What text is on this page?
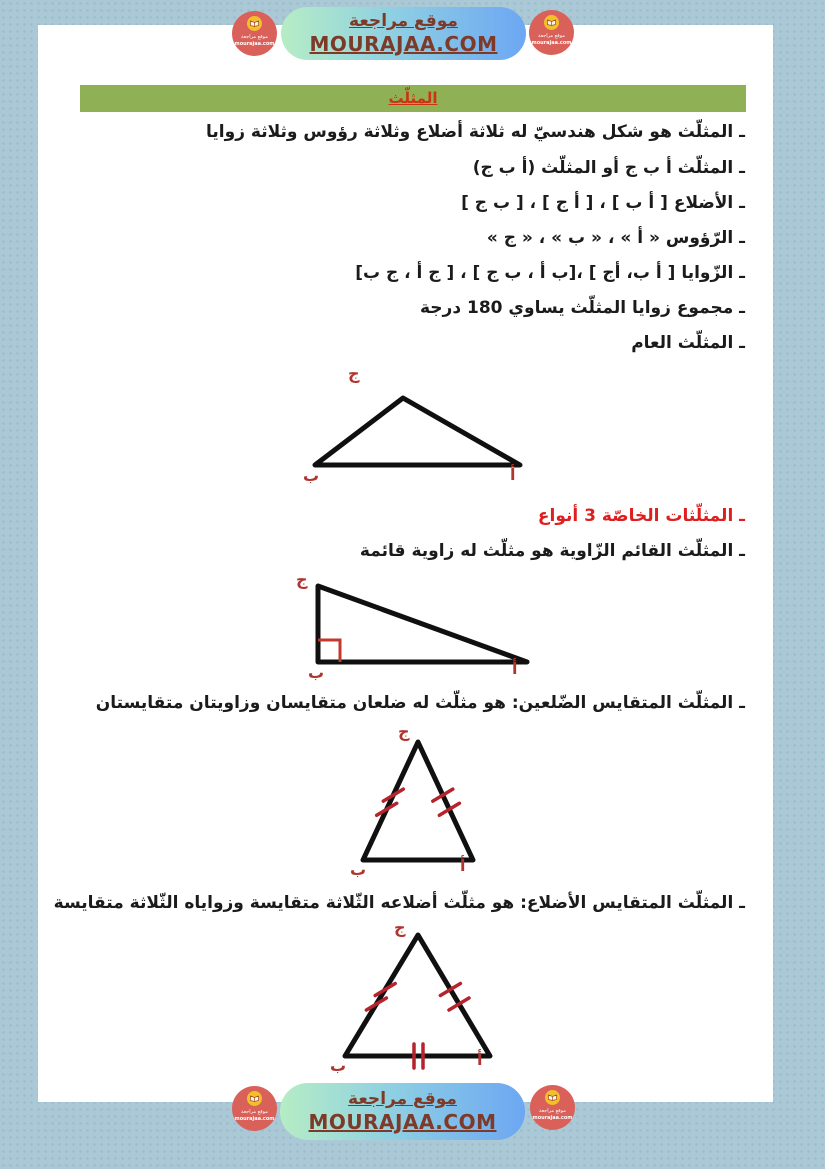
موقع مراجعة
mourajaa.com
موقع مراجعة
MOURAJAA.COM	موقع مراجعة
mourajaa.com
المثلّث
ـ المثلّث هو شكل هندسيّ له ثلاثة أضلاع وثلاثة رؤوس وثلاثة زوايا
ـ المثلّث أ ب ج أو المثلّث (أ ب ج)
ـ الأضلاع [ أ ب ] ، [ أ ج ] ، [ ب ج ]
ـ الرّؤوس « أ » ، « ب » ، « ج »
ـ الزّوايا [ أ ب، أج ] ،[ب أ ، ب ج ] ، [ ج أ ، ج ب]
ـ مجموع زوايا المثلّث يساوي 180 درجة
ـ المثلّث العام
ج
ب	أ
ـ المثلّثات الخاصّة 3 أنواع
ـ المثلّث القائم الزّاوية هو مثلّث له زاوية قائمة
ج
ب	أ
ـ المثلّث المتقايس الضّلعين: هو مثلّث له ضلعان متقايسان وزاويتان متقايستان
ج
ب	أ
ـ المثلّث المتقايس الأضلاع: هو مثلّث أضلاعه الثّلاثة متقايسة وزواياه الثّلاثة متقايسة
ج
ب	أ
موقع مراجعة
mourajaa.com
موقع مراجعة
MOURAJAA.COM	موقع مراجعة
mourajaa.com
